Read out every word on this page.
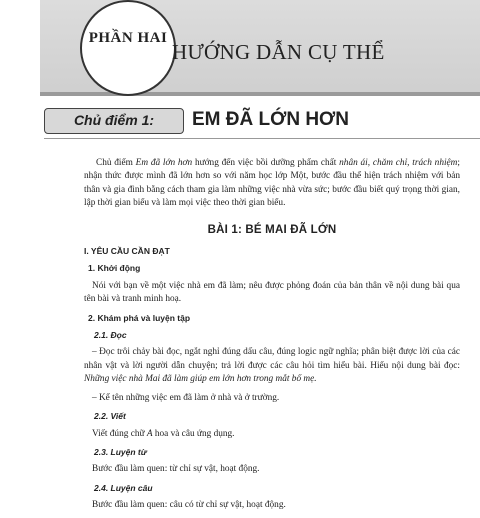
PHẦN HAI
HƯỚNG DẪN CỤ THỂ
Chủ điểm 1:	EM ĐÃ LỚN HƠN

Chủ điểm Em đã lớn hơn hướng đến việc bồi dưỡng phẩm chất nhân ái, chăm chỉ, trách nhiệm; nhận thức được mình đã lớn hơn so với năm học lớp Một, bước đầu thể hiện trách nhiệm với bản thân và gia đình bằng cách tham gia làm những việc nhà vừa sức; bước đầu biết quý trọng thời gian, lập thời gian biểu và làm mọi việc theo thời gian biểu.

BÀI 1: BÉ MAI ĐÃ LỚN
I. YÊU CẦU CẦN ĐẠT
1. Khởi động

Nói với bạn về một việc nhà em đã làm; nêu được phỏng đoán của bản thân về nội dung bài qua tên bài và tranh minh hoạ.

2. Khám phá và luyện tập
2.1. Đọc

– Đọc trôi chảy bài đọc, ngắt nghỉ đúng dấu câu, đúng logic ngữ nghĩa; phân biệt được lời của các nhân vật và lời người dẫn chuyện; trả lời được các câu hỏi tìm hiểu bài. Hiểu nội dung bài đọc: Những việc nhà Mai đã làm giúp em lớn hơn trong mắt bố mẹ.

– Kể tên những việc em đã làm ở nhà và ở trường.

2.2. Viết

Viết đúng chữ A hoa và câu ứng dụng.

2.3. Luyện từ

Bước đầu làm quen: từ chỉ sự vật, hoạt động.

2.4. Luyện câu

Bước đầu làm quen: câu có từ chỉ sự vật, hoạt động.
